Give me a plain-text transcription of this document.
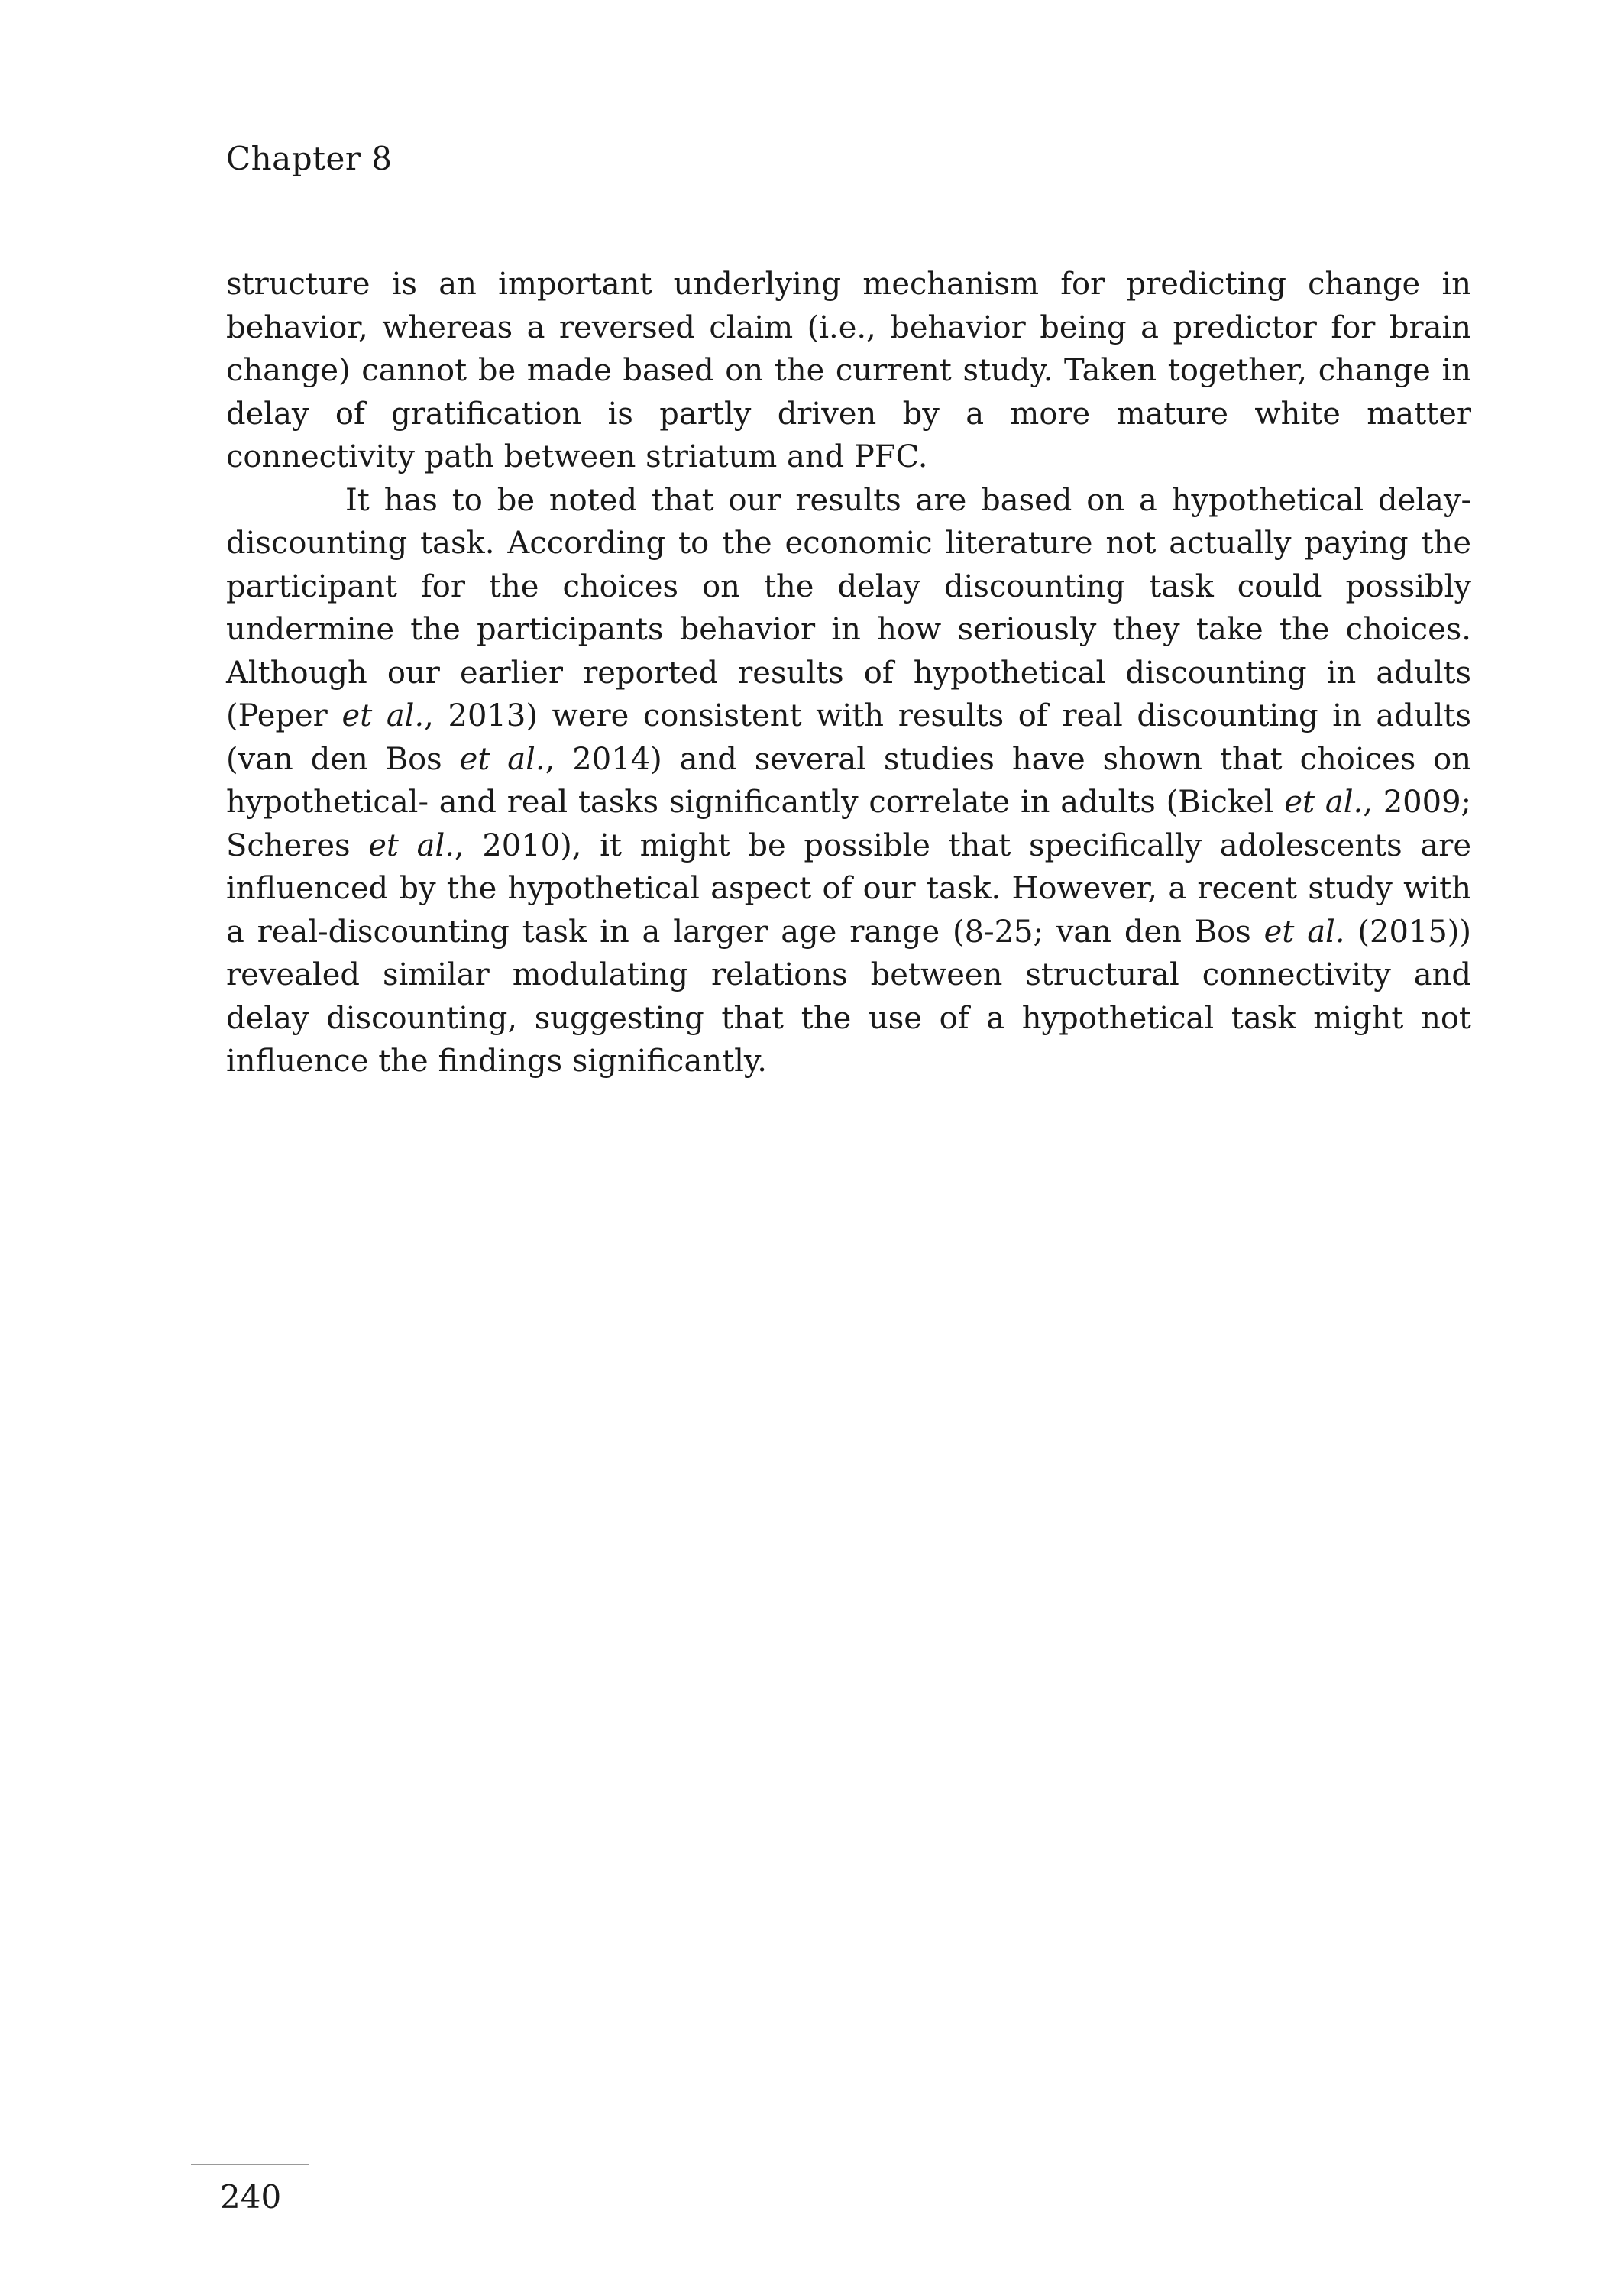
Chapter 8

structure is an important underlying mechanism for predicting change in behavior, whereas a reversed claim (i.e., behavior being a predictor for brain change) cannot be made based on the current study. Taken together, change in delay of gratification is partly driven by a more mature white matter connectivity path between striatum and PFC.

It has to be noted that our results are based on a hypothetical delay-discounting task. According to the economic literature not actually paying the participant for the choices on the delay discounting task could possibly undermine the participants behavior in how seriously they take the choices. Although our earlier reported results of hypothetical discounting in adults (Peper et al., 2013) were consistent with results of real discounting in adults (van den Bos et al., 2014) and several studies have shown that choices on hypothetical- and real tasks significantly correlate in adults (Bickel et al., 2009; Scheres et al., 2010), it might be possible that specifically adolescents are influenced by the hypothetical aspect of our task. However, a recent study with a real-discounting task in a larger age range (8-25; van den Bos et al. (2015)) revealed similar modulating relations between structural connectivity and delay discounting, suggesting that the use of a hypothetical task might not influence the findings significantly.

240
